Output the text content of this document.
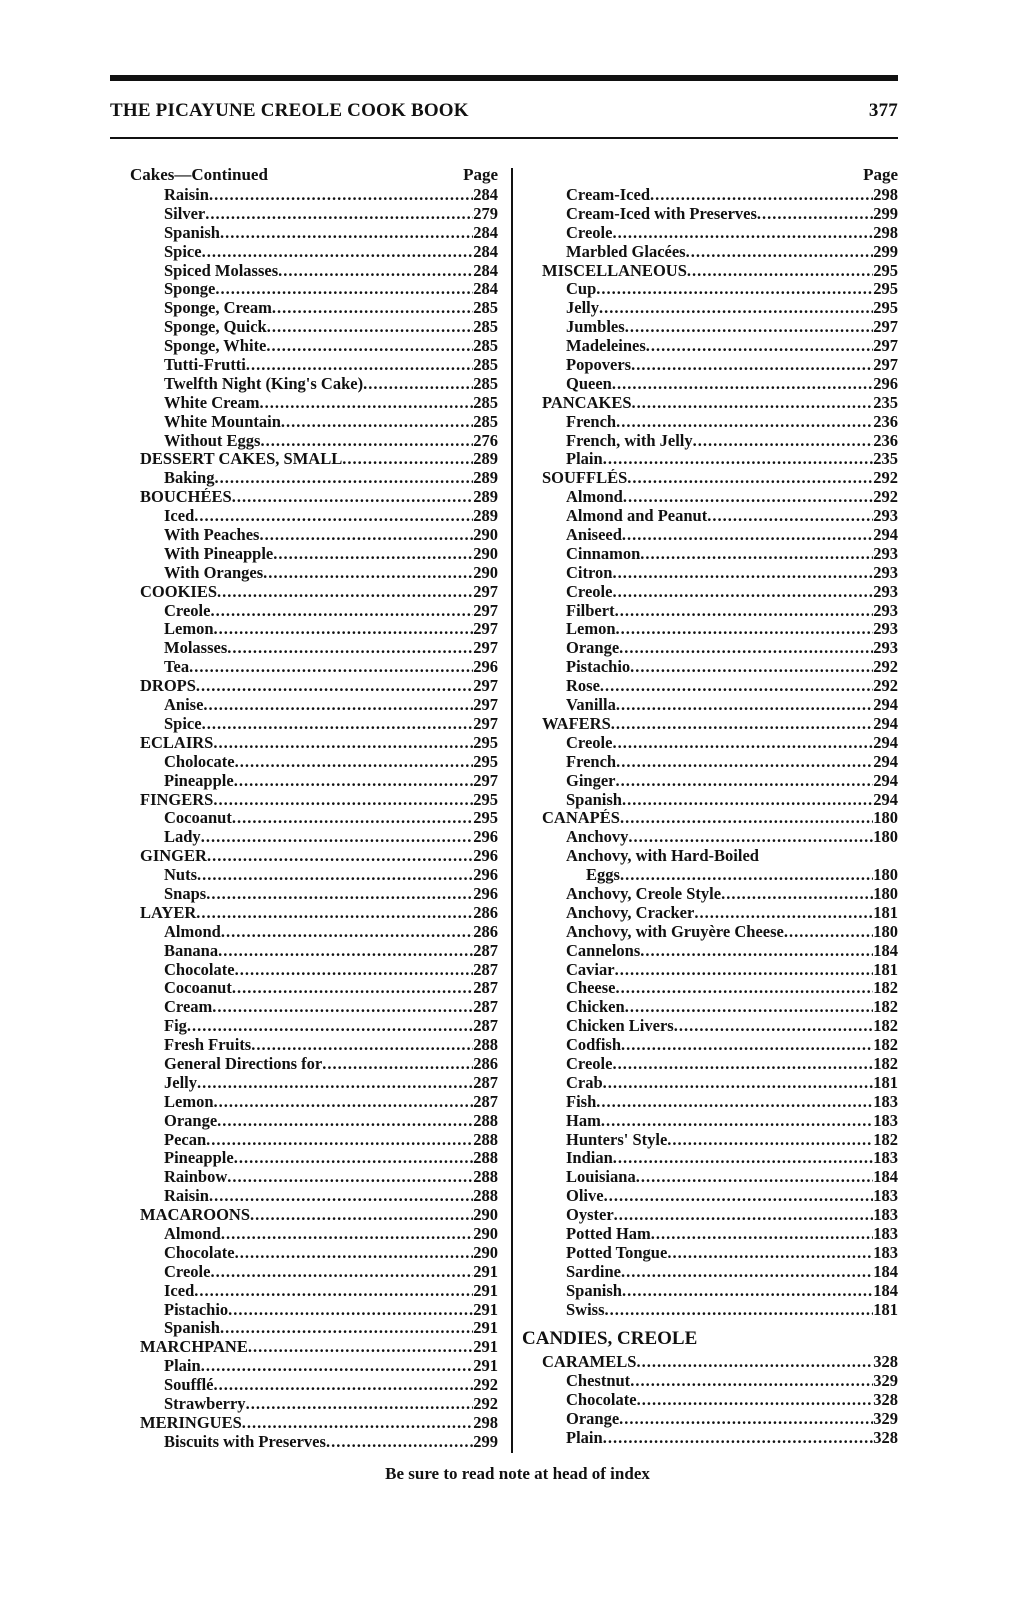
THE PICAYUNE CREOLE COOK BOOK	377
Cakes—Continued	Page
Raisin .....	284
Silver .....	279
Spanish .....	284
Spice .....	284
Spiced Molasses .....	284
Sponge .....	284
Sponge, Cream .....	285
Sponge, Quick .....	285
Sponge, White .....	285
Tutti-Frutti .....	285
Twelfth Night (King's Cake) .....	285
White Cream .....	285
White Mountain .....	285
Without Eggs .....	276
DESSERT CAKES, SMALL .....	289
Baking .....	289
BOUCHÉES .....	289
Iced .....	289
With Peaches .....	290
With Pineapple .....	290
With Oranges .....	290
COOKIES .....	297
Creole .....	297
Lemon .....	297
Molasses .....	297
Tea .....	296
DROPS .....	297
Anise .....	297
Spice .....	297
ECLAIRS .....	295
Cholocate .....	295
Pineapple .....	297
FINGERS .....	295
Cocoanut .....	295
Lady .....	296
GINGER .....	296
Nuts .....	296
Snaps .....	296
LAYER .....	286
Almond .....	286
Banana .....	287
Chocolate .....	287
Cocoanut .....	287
Cream .....	287
Fig .....	287
Fresh Fruits .....	288
General Directions for .....	286
Jelly .....	287
Lemon .....	287
Orange .....	288
Pecan .....	288
Pineapple .....	288
Rainbow .....	288
Raisin .....	288
MACAROONS .....	290
Almond .....	290
Chocolate .....	290
Creole .....	291
Iced .....	291
Pistachio .....	291
Spanish .....	291
MARCHPANE .....	291
Plain .....	291
Soufflé .....	292
Strawberry .....	292
MERINGUES .....	298
Biscuits with Preserves .....	299
Page
Cream-Iced .....	298
Cream-Iced with Preserves .....	299
Creole .....	298
Marbled Glacées .....	299
MISCELLANEOUS .....	295
Cup .....	295
Jelly .....	295
Jumbles .....	297
Madeleines .....	297
Popovers .....	297
Queen .....	296
PANCAKES .....	235
French .....	236
French, with Jelly .....	236
Plain .....	235
SOUFFLÉS .....	292
Almond .....	292
Almond and Peanut .....	293
Aniseed .....	294
Cinnamon .....	293
Citron .....	293
Creole .....	293
Filbert .....	293
Lemon .....	293
Orange .....	293
Pistachio .....	292
Rose .....	292
Vanilla .....	294
WAFERS .....	294
Creole .....	294
French .....	294
Ginger .....	294
Spanish .....	294
CANAPÉS .....	180
Anchovy .....	180
Anchovy, with Hard-Boiled
Eggs .....	180
Anchovy, Creole Style .....	180
Anchovy, Cracker .....	181
Anchovy, with Gruyère Cheese .....	180
Cannelons .....	184
Caviar .....	181
Cheese .....	182
Chicken .....	182
Chicken Livers .....	182
Codfish .....	182
Creole .....	182
Crab .....	181
Fish .....	183
Ham .....	183
Hunters' Style .....	182
Indian .....	183
Louisiana .....	184
Olive .....	183
Oyster .....	183
Potted Ham .....	183
Potted Tongue .....	183
Sardine .....	184
Spanish .....	184
Swiss .....	181
CANDIES, CREOLE
CARAMELS .....	328
Chestnut .....	329
Chocolate .....	328
Orange .....	329
Plain .....	328
Be sure to read note at head of index
